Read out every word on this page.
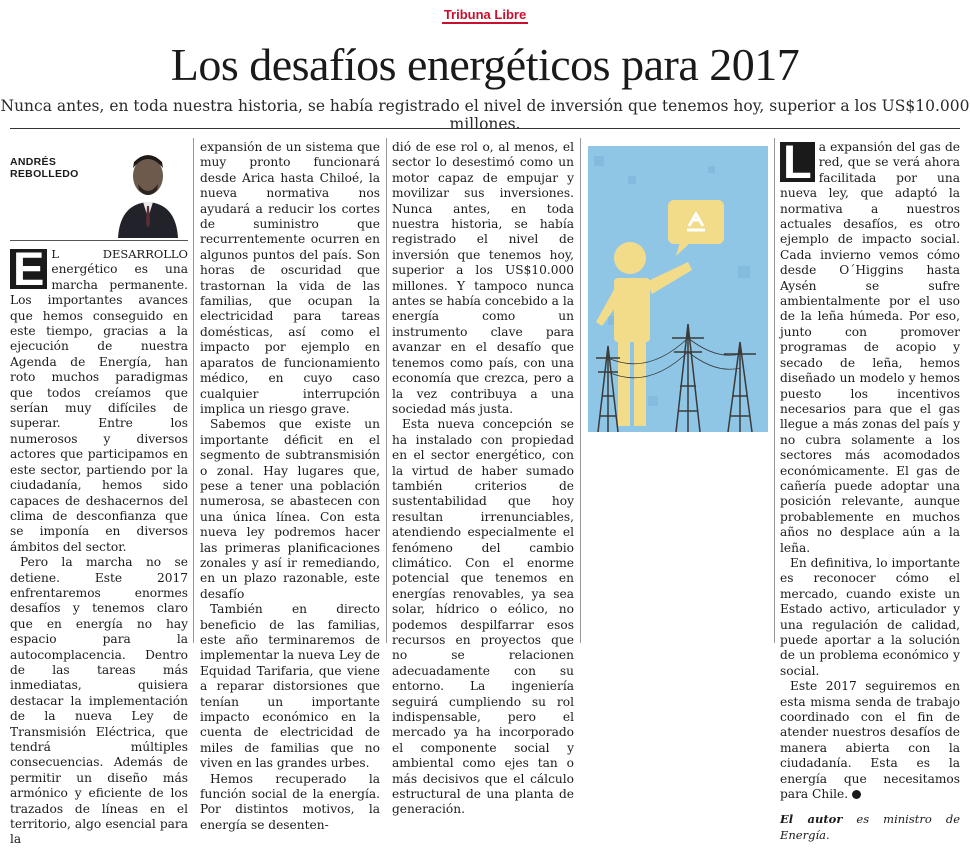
Tribuna Libre
Los desafíos energéticos para 2017

Nunca antes, en toda nuestra historia, se había registrado el nivel de inversión que tenemos hoy, superior a los US$10.000 millones.

ANDRÉS
REBOLLEDO

E L DESARROLLO energético es una marcha permanente. Los importantes avances que hemos conseguido en este tiempo, gracias a la ejecución de nuestra Agenda de Energía, han roto muchos paradigmas que todos creíamos que serían muy difíciles de superar. Entre los numerosos y diversos actores que participamos en este sector, partiendo por la ciudadanía, hemos sido capaces de deshacernos del clima de desconfianza que se imponía en diversos ámbitos del sector.

Pero la marcha no se detiene. Este 2017 enfrentaremos enormes desafíos y tenemos claro que en energía no hay espacio para la autocomplacencia. Dentro de las tareas más inmediatas, quisiera destacar la implementación de la nueva Ley de Transmisión Eléctrica, que tendrá múltiples consecuencias. Además de permitir un diseño más armónico y eficiente de los trazados de líneas en el territorio, algo esencial para la

expansión de un sistema que muy pronto funcionará desde Arica hasta Chiloé, la nueva normativa nos ayudará a reducir los cortes de suministro que recurrentemente ocurren en algunos puntos del país. Son horas de oscuridad que trastornan la vida de las familias, que ocupan la electricidad para tareas domésticas, así como el impacto por ejemplo en aparatos de funcionamiento médico, en cuyo caso cualquier interrupción implica un riesgo grave.

Sabemos que existe un importante déficit en el segmento de subtransmisión o zonal. Hay lugares que, pese a tener una población numerosa, se abastecen con una única línea. Con esta nueva ley podremos hacer las primeras planificaciones zonales y así ir remediando, en un plazo razonable, este desafío

También en directo beneficio de las familias, este año terminaremos de implementar la nueva Ley de Equidad Tarifaria, que viene a reparar distorsiones que tenían un importante impacto económico en la cuenta de electricidad de miles de familias que no viven en las grandes urbes.

Hemos recuperado la función social de la energía. Por distintos motivos, la energía se desenten-

dió de ese rol o, al menos, el sector lo desestimó como un motor capaz de empujar y movilizar sus inversiones. Nunca antes, en toda nuestra historia, se había registrado el nivel de inversión que tenemos hoy, superior a los US$10.000 millones. Y tampoco nunca antes se había concebido a la energía como un instrumento clave para avanzar en el desafío que tenemos como país, con una economía que crezca, pero a la vez contribuya a una sociedad más justa.

Esta nueva concepción se ha instalado con propiedad en el sector energético, con la virtud de haber sumado también criterios de sustentabilidad que hoy resultan irrenunciables, atendiendo especialmente el fenómeno del cambio climático. Con el enorme potencial que tenemos en energías renovables, ya sea solar, hídrico o eólico, no podemos despilfarrar esos recursos en proyectos que no se relacionen adecuadamente con su entorno. La ingeniería seguirá cumpliendo su rol indispensable, pero el mercado ya ha incorporado el componente social y ambiental como ejes tan o más decisivos que el cálculo estructural de una planta de generación.

L a expansión del gas de red, que se verá ahora facilitada por una nueva ley, que adaptó la normativa a nuestros actuales desafíos, es otro ejemplo de impacto social. Cada invierno vemos cómo desde O´Higgins hasta Aysén se sufre ambientalmente por el uso de la leña húmeda. Por eso, junto con promover programas de acopio y secado de leña, hemos diseñado un modelo y hemos puesto los incentivos necesarios para que el gas llegue a más zonas del país y no cubra solamente a los sectores más acomodados económicamente. El gas de cañería puede adoptar una posición relevante, aunque probablemente en muchos años no desplace aún a la leña.

En definitiva, lo importante es reconocer cómo el mercado, cuando existe un Estado activo, articulador y una regulación de calidad, puede aportar a la solución de un problema económico y social.

Este 2017 seguiremos en esta misma senda de trabajo coordinado con el fin de atender nuestros desafíos de manera abierta con la ciudadanía. Esta es la energía que necesitamos para Chile.

El autor es ministro de Energía.
